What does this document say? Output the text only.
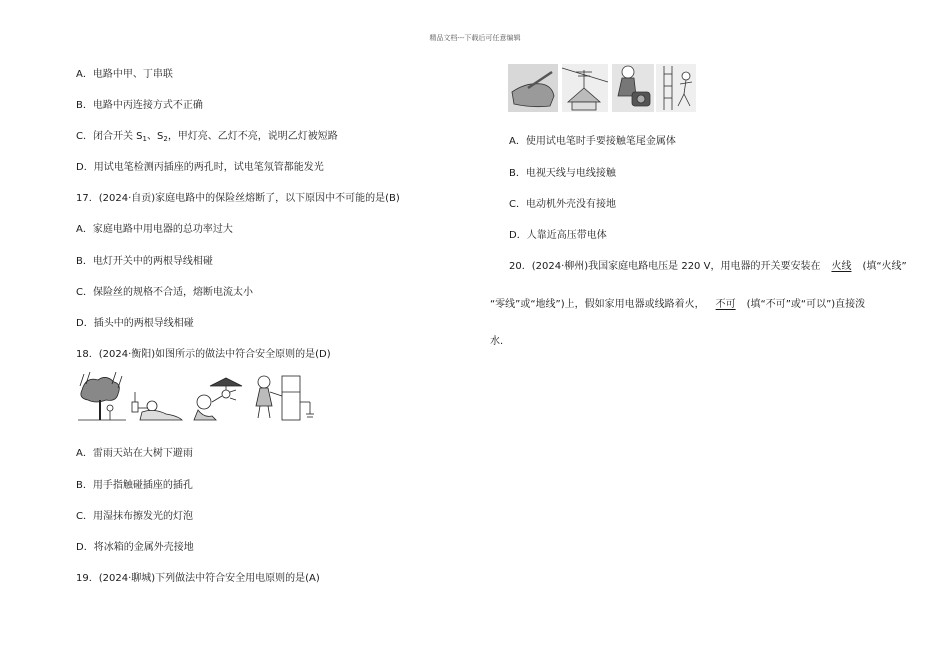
精品文档---下载后可任意编辑
A．电路中甲、丁串联
B．电路中丙连接方式不正确
C．闭合开关 $S_1$、$S_2$，甲灯亮、乙灯不亮，说明乙灯被短路
D．用试电笔检测丙插座的两孔时，试电笔氖管都能发光
17．(2024·自贡)家庭电路中的保险丝熔断了，以下原因中不可能的是(B)
A．家庭电路中用电器的总功率过大
B．电灯开关中的两根导线相碰
C．保险丝的规格不合适，熔断电流太小
D．插头中的两根导线相碰
18．(2024·衡阳)如图所示的做法中符合安全原则的是(D)
A．雷雨天站在大树下避雨
B．用手指触碰插座的插孔
C．用湿抹布擦发光的灯泡
D．将冰箱的金属外壳接地
19．(2024·聊城)下列做法中符合安全用电原则的是(A)
A．使用试电笔时手要接触笔尾金属体
B．电视天线与电线接触
C．电动机外壳没有接地
D．人靠近高压带电体
20．(2024·柳州)我国家庭电路电压是 220 V，用电器的开关要安装在 火线 (填“火线”
“零线”或“地线”)上，假如家用电器或线路着火， 不可 (填“不可”或“可以”)直接泼
水.
